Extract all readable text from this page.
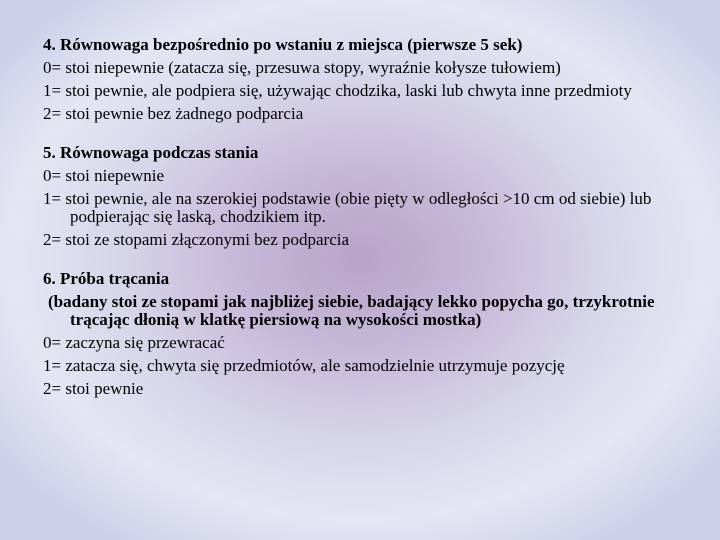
4. Równowaga bezpośrednio po wstaniu z miejsca (pierwsze 5 sek)

0= stoi niepewnie (zatacza się, przesuwa stopy, wyraźnie kołysze tułowiem)

1= stoi pewnie, ale podpiera się, używając chodzika, laski lub chwyta inne przedmioty

2= stoi pewnie bez żadnego podparcia

5. Równowaga podczas stania

0= stoi niepewnie

1= stoi pewnie, ale na szerokiej podstawie (obie pięty w odległości >10 cm od siebie) lub podpierając się laską, chodzikiem itp.

2= stoi ze stopami złączonymi bez podparcia

6. Próba trącania

(badany stoi ze stopami jak najbliżej siebie, badający lekko popycha go, trzykrotnie trącając dłonią w klatkę piersiową na wysokości mostka)

0= zaczyna się przewracać

1= zatacza się, chwyta się przedmiotów, ale samodzielnie utrzymuje pozycję

2= stoi pewnie
